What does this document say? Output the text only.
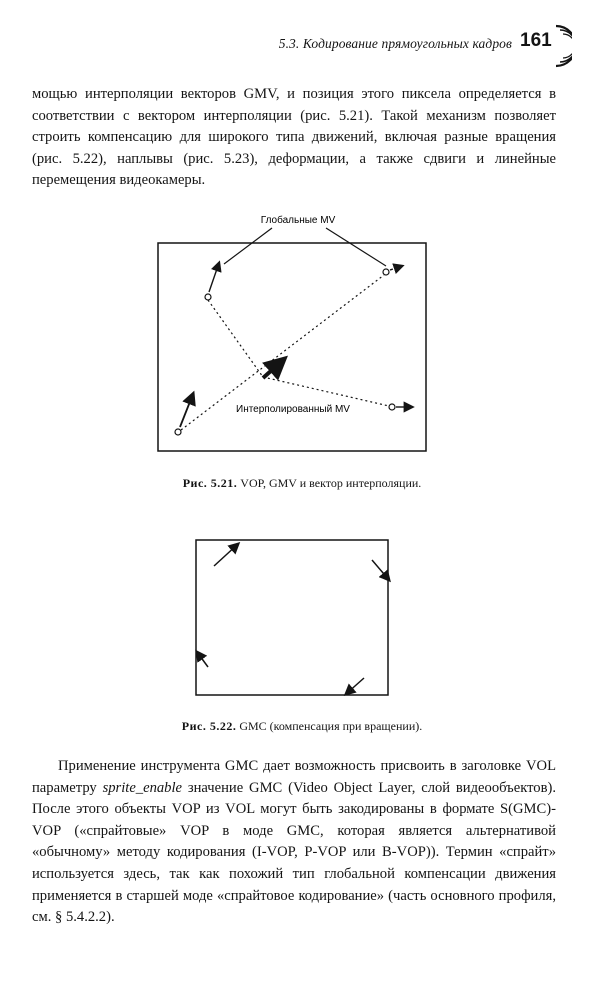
5.3. Кодирование прямоугольных кадров 161
мощью интерполяции векторов GMV, и позиция этого пиксела определяется в соответствии с вектором интерполяции (рис. 5.21). Такой механизм позволяет строить компенсацию для широкого типа движений, включая разные вращения (рис. 5.22), наплывы (рис. 5.23), деформации, а также сдвиги и линейные перемещения видеокамеры.
Глобальные MV
Интерполированный MV
Рис. 5.21. VOP, GMV и вектор интерполяции.
Рис. 5.22. GMC (компенсация при вращении).
Применение инструмента GMC дает возможность присвоить в заголовке VOL параметру sprite_enable значение GMC (Video Object Layer, слой видеообъектов). После этого объекты VOP из VOL могут быть закодированы в формате S(GMC)-VOP («спрайтовые» VOP в моде GMC, которая является альтернативой «обычному» методу кодирования (I-VOP, P-VOP или B-VOP)). Термин «спрайт» используется здесь, так как похожий тип глобальной компенсации движения применяется в старшей моде «спрайтовое кодирование» (часть основного профиля, см. § 5.4.2.2).
